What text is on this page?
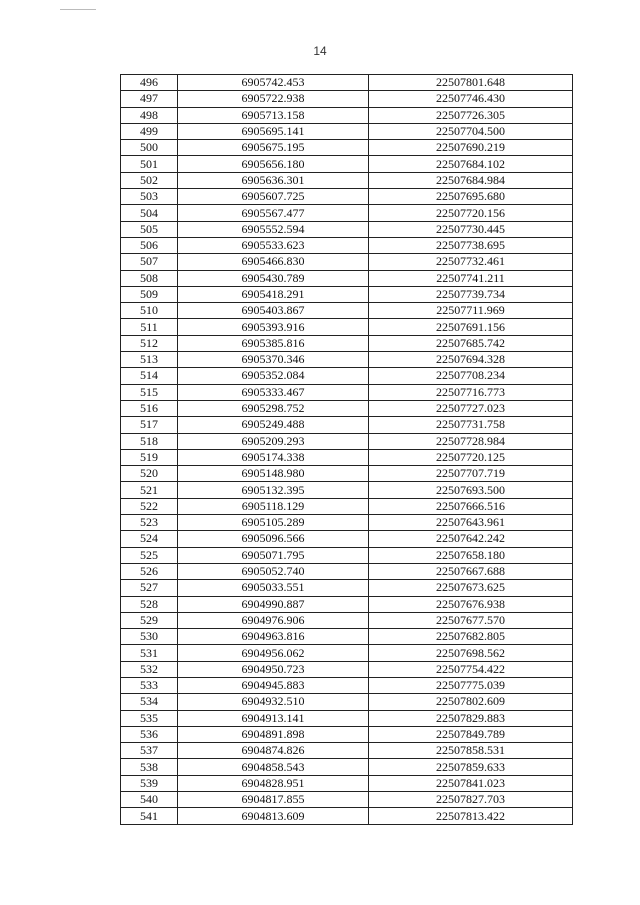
14
496	6905742.453	22507801.648
497	6905722.938	22507746.430
498	6905713.158	22507726.305
499	6905695.141	22507704.500
500	6905675.195	22507690.219
501	6905656.180	22507684.102
502	6905636.301	22507684.984
503	6905607.725	22507695.680
504	6905567.477	22507720.156
505	6905552.594	22507730.445
506	6905533.623	22507738.695
507	6905466.830	22507732.461
508	6905430.789	22507741.211
509	6905418.291	22507739.734
510	6905403.867	22507711.969
511	6905393.916	22507691.156
512	6905385.816	22507685.742
513	6905370.346	22507694.328
514	6905352.084	22507708.234
515	6905333.467	22507716.773
516	6905298.752	22507727.023
517	6905249.488	22507731.758
518	6905209.293	22507728.984
519	6905174.338	22507720.125
520	6905148.980	22507707.719
521	6905132.395	22507693.500
522	6905118.129	22507666.516
523	6905105.289	22507643.961
524	6905096.566	22507642.242
525	6905071.795	22507658.180
526	6905052.740	22507667.688
527	6905033.551	22507673.625
528	6904990.887	22507676.938
529	6904976.906	22507677.570
530	6904963.816	22507682.805
531	6904956.062	22507698.562
532	6904950.723	22507754.422
533	6904945.883	22507775.039
534	6904932.510	22507802.609
535	6904913.141	22507829.883
536	6904891.898	22507849.789
537	6904874.826	22507858.531
538	6904858.543	22507859.633
539	6904828.951	22507841.023
540	6904817.855	22507827.703
541	6904813.609	22507813.422
